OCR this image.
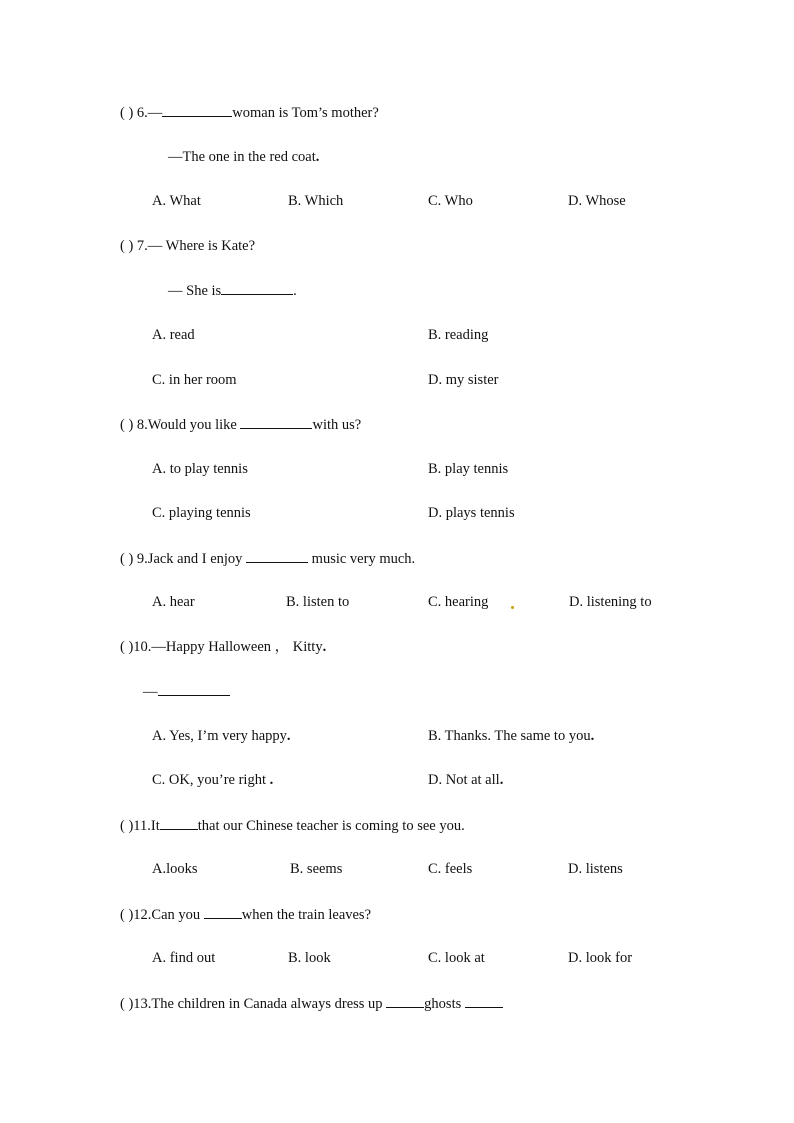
( ) 6.—	woman is Tom’s mother?
—The one in the red coat.
A. What	B. Which	C. Who	D. Whose
( ) 7.— Where is Kate?
— She is	.
A. read	B. reading
C. in her room	D. my sister
( ) 8.Would you like	with us?
A. to play tennis	B. play tennis
C. playing tennis	D. plays tennis
( ) 9.Jack and I enjoy	music very much.
A. hear	B. listen to	C. hearing	D. listening to
( )10.—Happy Halloween ， Kitty.
—
A. Yes, I’m very happy.	B. Thanks. The same to you.
C. OK, you’re right .	D. Not at all.
( )11.It	that our Chinese teacher is coming to see you.
A.looks	B. seems	C. feels	D. listens
( )12.Can you	when the train leaves?
A. find out	B. look	C. look at	D. look for
( )13.The children in Canada always dress up	ghosts
